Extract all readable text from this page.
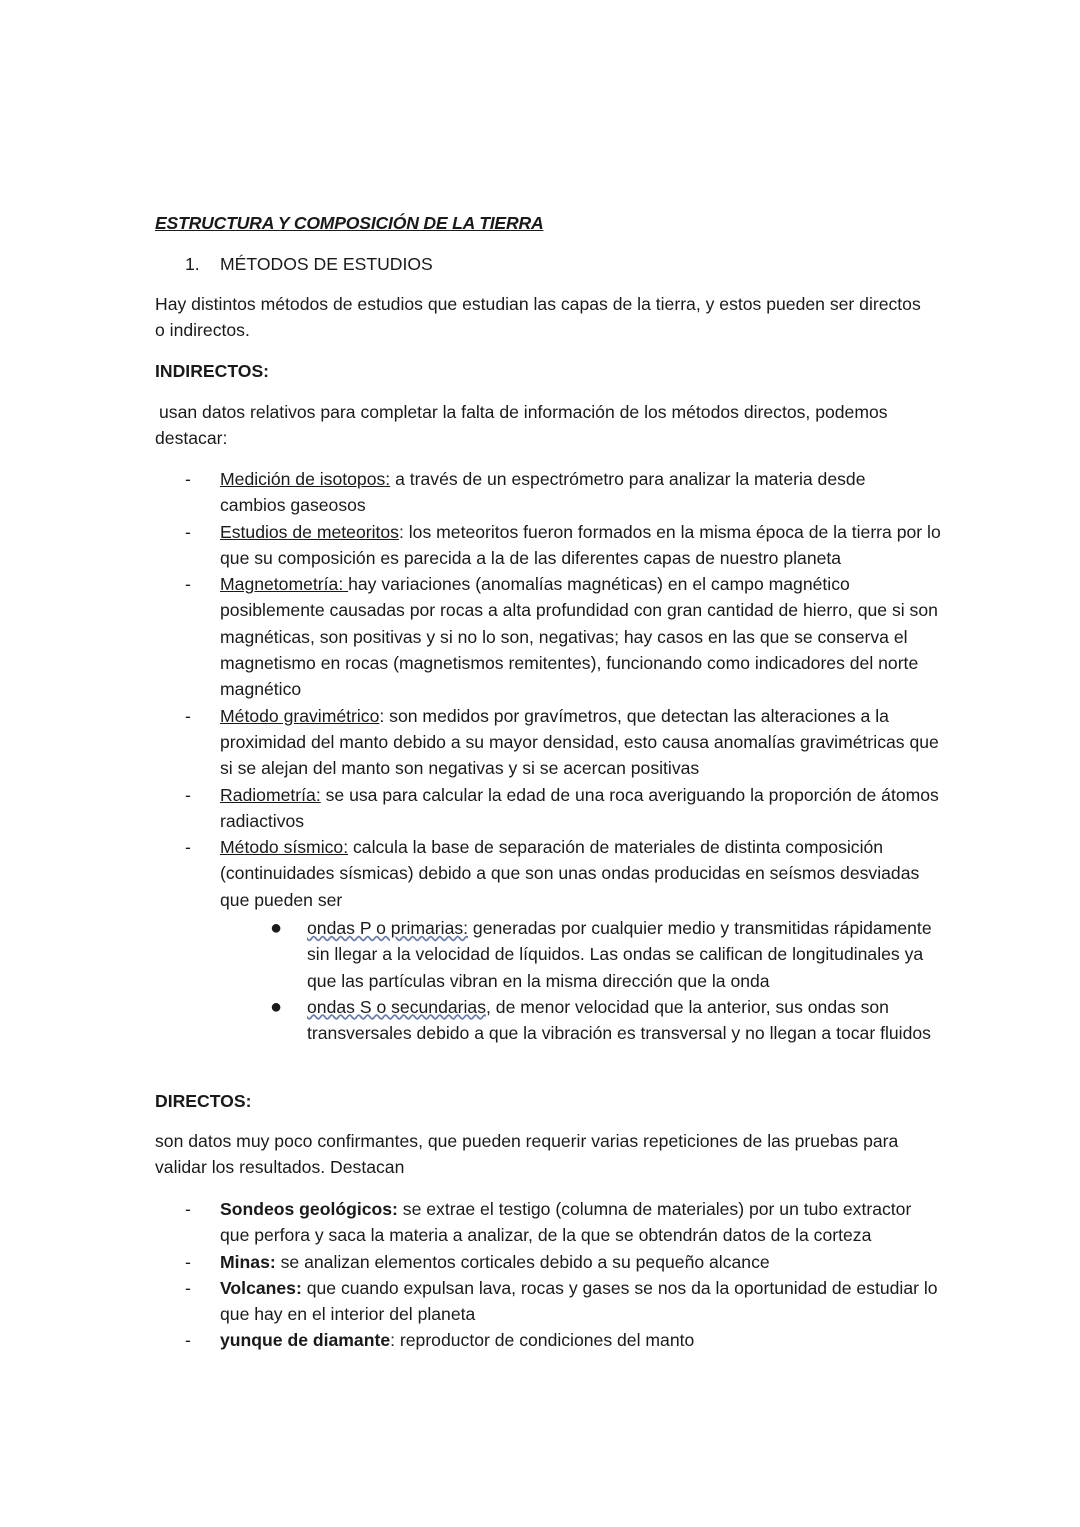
ESTRUCTURA Y COMPOSICIÓN DE LA TIERRA
1. MÉTODOS DE ESTUDIOS
Hay distintos métodos de estudios que estudian las capas de la tierra, y estos pueden ser directos o indirectos.
INDIRECTOS:
usan datos relativos para completar la falta de información de los métodos directos, podemos destacar:
- Medición de isotopos: a través de un espectrómetro para analizar la materia desde cambios gaseosos
- Estudios de meteoritos: los meteoritos fueron formados en la misma época de la tierra por lo que su composición es parecida a la de las diferentes capas de nuestro planeta
- Magnetometría: hay variaciones (anomalías magnéticas) en el campo magnético posiblemente causadas por rocas a alta profundidad con gran cantidad de hierro, que si son magnéticas, son positivas y si no lo son, negativas; hay casos en las que se conserva el magnetismo en rocas (magnetismos remitentes), funcionando como indicadores del norte magnético
- Método gravimétrico: son medidos por gravímetros, que detectan las alteraciones a la proximidad del manto debido a su mayor densidad, esto causa anomalías gravimétricas que si se alejan del manto son negativas y si se acercan positivas
- Radiometría: se usa para calcular la edad de una roca averiguando la proporción de átomos radiactivos
- Método sísmico: calcula la base de separación de materiales de distinta composición (continuidades sísmicas) debido a que son unas ondas producidas en seísmos desviadas que pueden ser
● ondas P o primarias: generadas por cualquier medio y transmitidas rápidamente sin llegar a la velocidad de líquidos. Las ondas se califican de longitudinales ya que las partículas vibran en la misma dirección que la onda
● ondas S o secundarias, de menor velocidad que la anterior, sus ondas son transversales debido a que la vibración es transversal y no llegan a tocar fluidos
DIRECTOS:
son datos muy poco confirmantes, que pueden requerir varias repeticiones de las pruebas para validar los resultados. Destacan
- Sondeos geológicos: se extrae el testigo (columna de materiales) por un tubo extractor que perfora y saca la materia a analizar, de la que se obtendrán datos de la corteza
- Minas: se analizan elementos corticales debido a su pequeño alcance
- Volcanes: que cuando expulsan lava, rocas y gases se nos da la oportunidad de estudiar lo que hay en el interior del planeta
- yunque de diamante: reproductor de condiciones del manto
